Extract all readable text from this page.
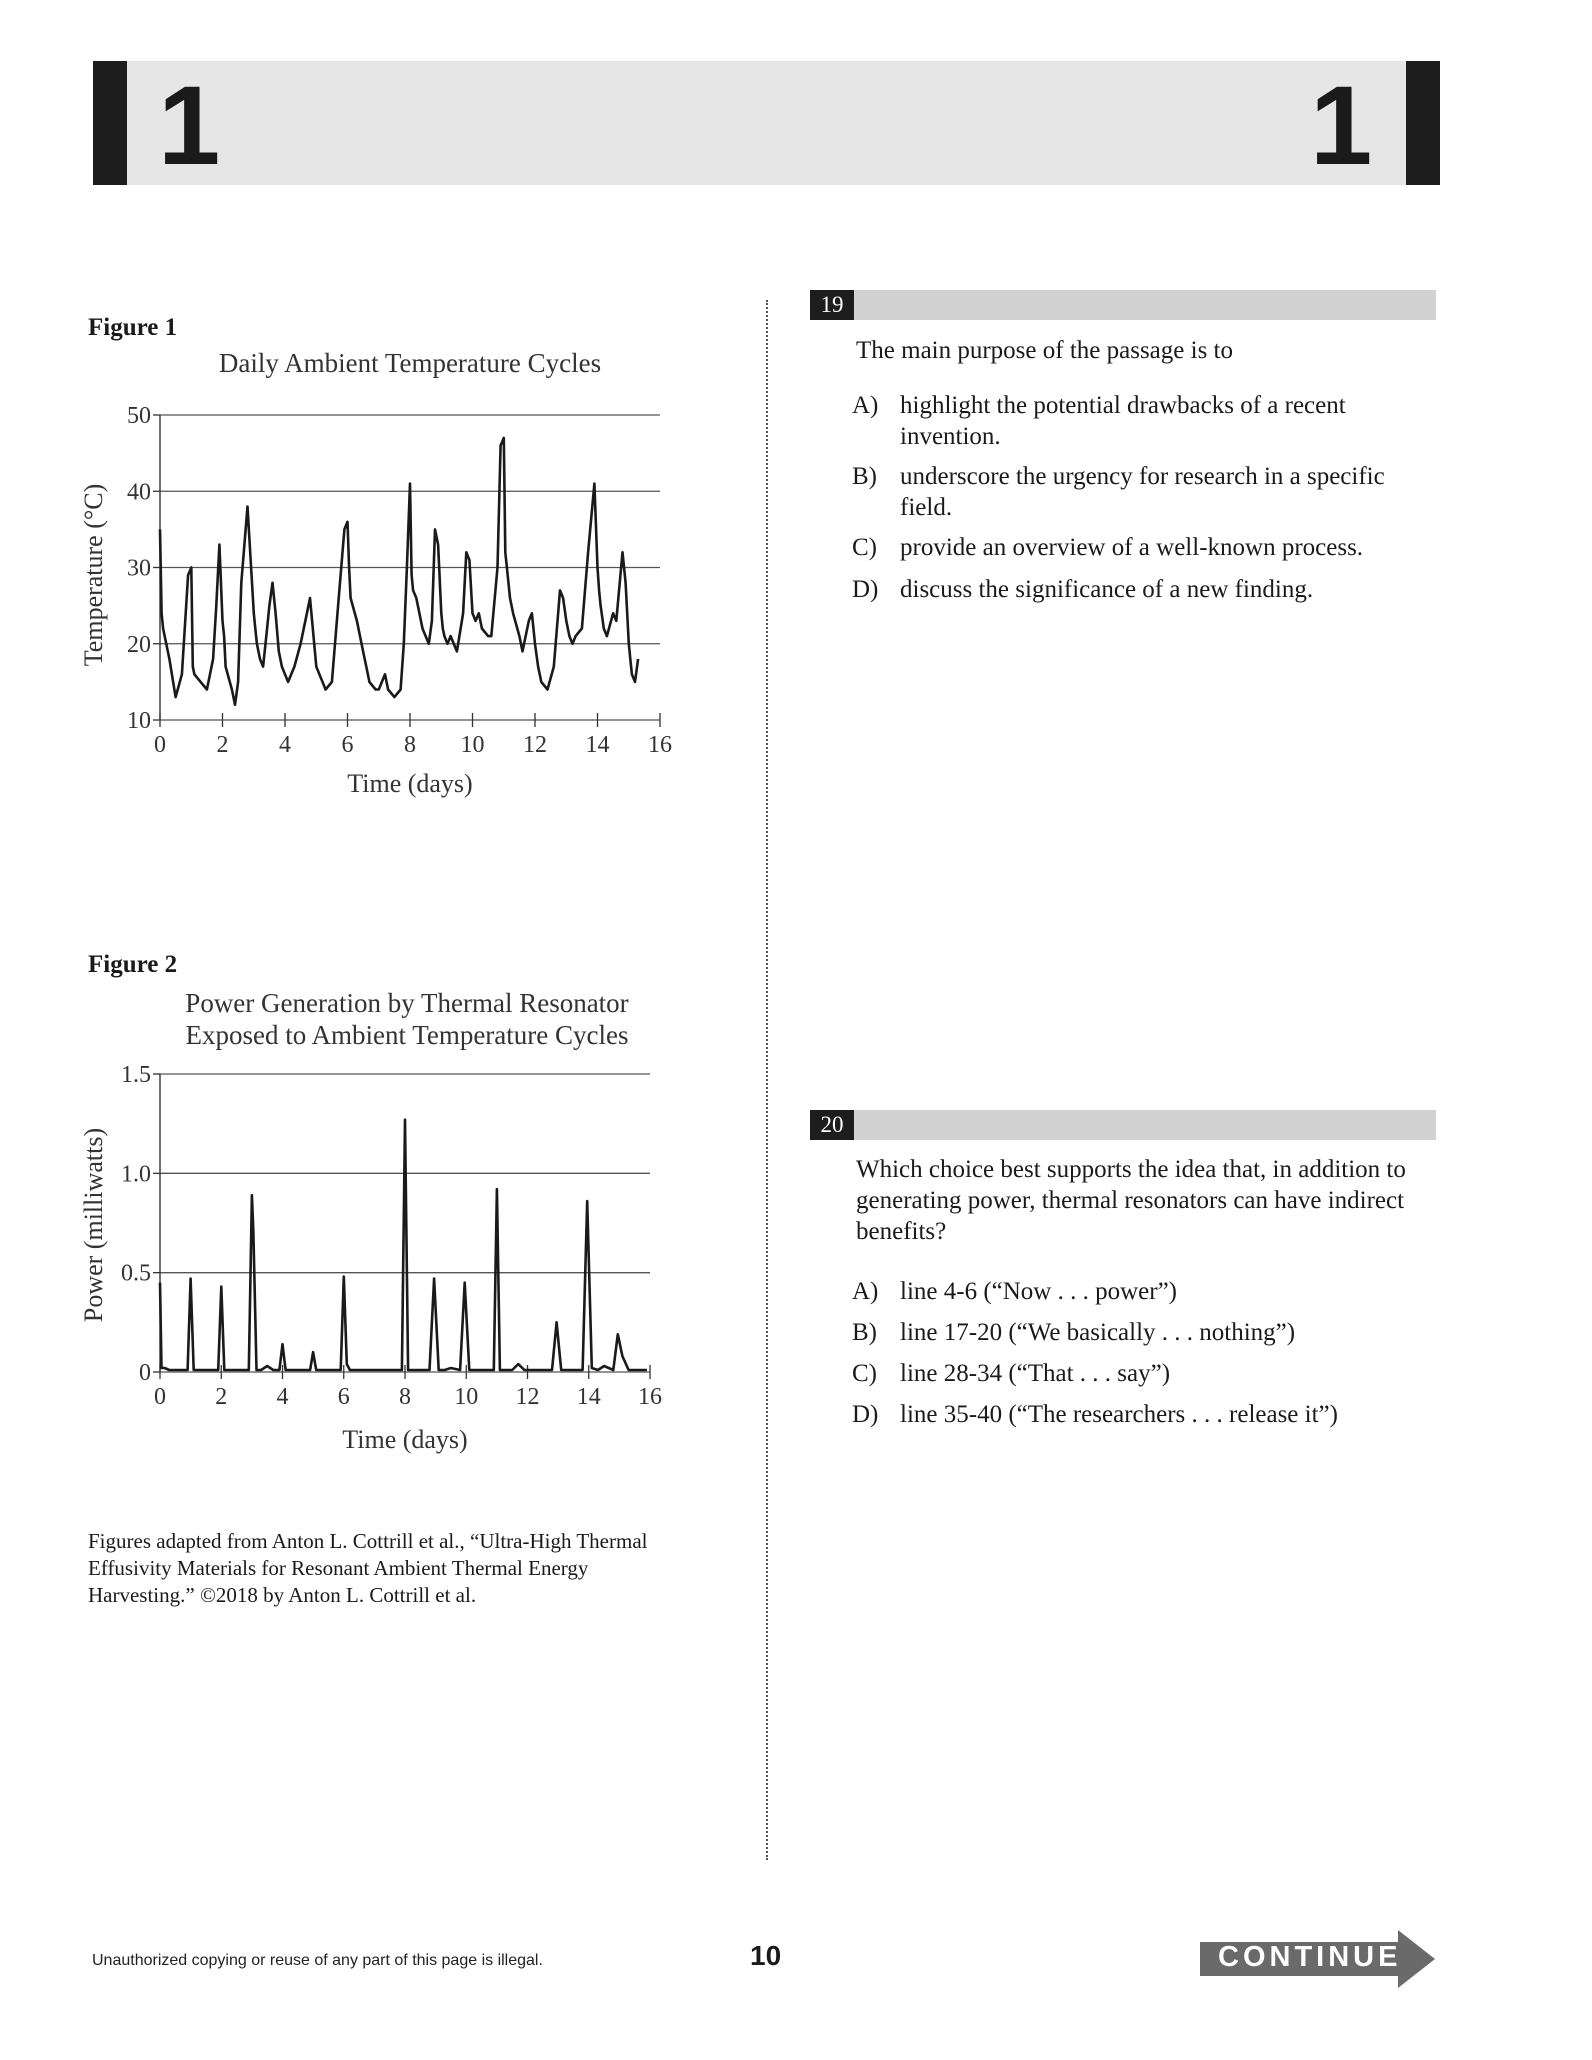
1	1
Figure 1
Daily Ambient Temperature Cycles
10
20
30
40
50
0 2 4 6 8 10 12 14 16
Temperature (°C)
Time (days)
Figure 2
Power Generation by Thermal Resonator
Exposed to Ambient Temperature Cycles
0
0.5
1.0
1.5
0 2 4 6 8 10 12 14 16
Power (milliwatts)
Time (days)
Figures adapted from Anton L. Cottrill et al., “Ultra-High Thermal Effusivity Materials for Resonant Ambient Thermal Energy Harvesting.” ©2018 by Anton L. Cottrill et al.
19
The main purpose of the passage is to
A) highlight the potential drawbacks of a recent invention.
B) underscore the urgency for research in a specific field.
C) provide an overview of a well-known process.
D) discuss the significance of a new finding.
20
Which choice best supports the idea that, in addition to generating power, thermal resonators can have indirect benefits?
A) line 4-6 (“Now . . . power”)
B) line 17-20 (“We basically . . . nothing”)
C) line 28-34 (“That . . . say”)
D) line 35-40 (“The researchers . . . release it”)
Unauthorized copying or reuse of any part of this page is illegal.	10	CONTINUE
